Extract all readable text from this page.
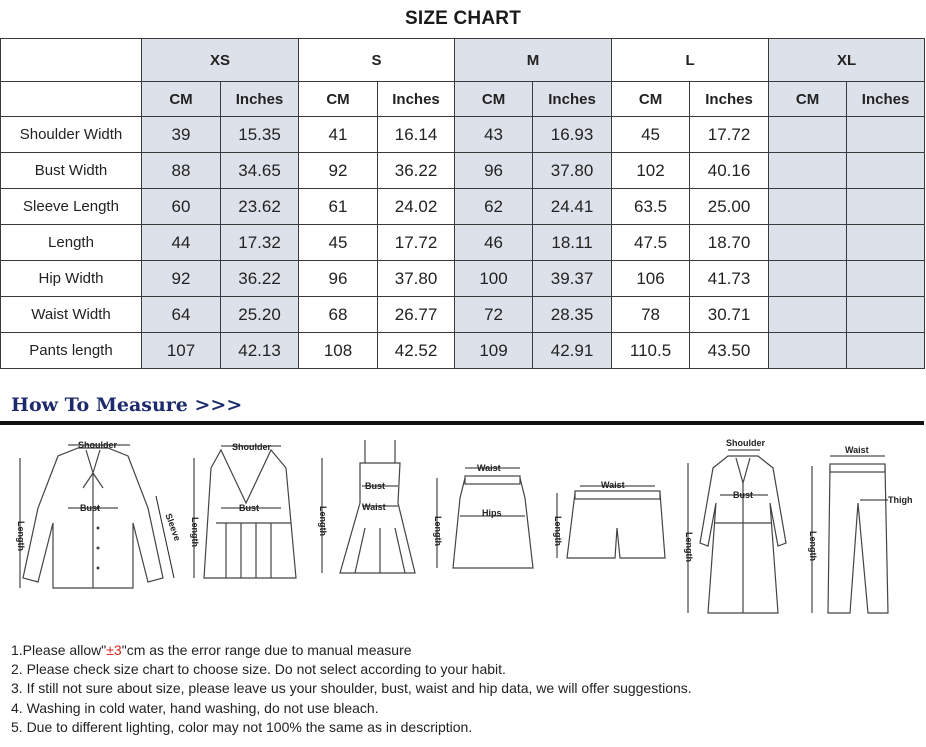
SIZE CHART
	XS		S		M		L		XL	
	CM	Inches	CM	Inches	CM	Inches	CM	Inches	CM	Inches
Shoulder Width	39	15.35	41	16.14	43	16.93	45	17.72		
Bust Width	88	34.65	92	36.22	96	37.80	102	40.16		
Sleeve Length	60	23.62	61	24.02	62	24.41	63.5	25.00		
Length	44	17.32	45	17.72	46	18.11	47.5	18.70		
Hip Width	92	36.22	96	37.80	100	39.37	106	41.73		
Waist Width	64	25.20	68	26.77	72	28.35	78	30.71		
Pants length	107	42.13	108	42.52	109	42.91	110.5	43.50		
How To Measure >>>
Shoulder
Bust
Length	Sleeve
Shoulder
Bust
Length
Bust
Waist
Length
Waist
Hips
Length
Waist
Length
Shoulder
Bust
Length
Waist
Thigh
Length
1.Please allow"±3"cm as the error range due to manual measure
2. Please check size chart to choose size. Do not select according to your habit.
3. If still not sure about size, please leave us your shoulder, bust, waist and hip data, we will offer suggestions.
4. Washing in cold water, hand washing, do not use bleach.
5. Due to different lighting, color may not 100% the same as in description.
